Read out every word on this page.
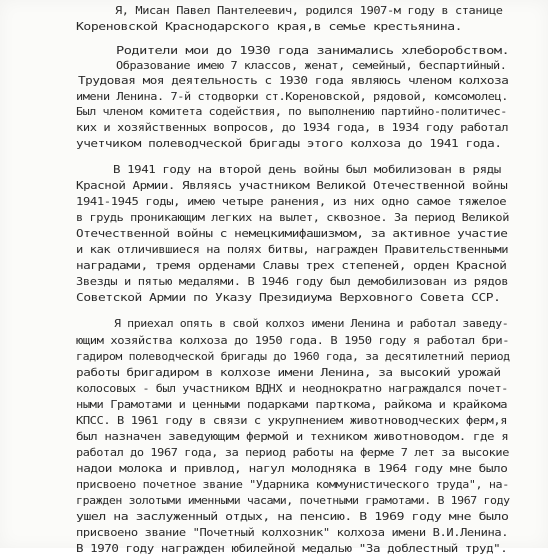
Я, Мисан Павел Пантелеевич, родился 1907-м году в станице
Кореновской Краснодарского края,в семье крестьянина.
Родители мои до 1930 года занимались хлеборобством.
Образование имею 7 классов, женат, семейный, беспартийный.
Трудовая моя деятельность с 1930 года являюсь членом колхоза
имени Ленина. 7-й стодворки ст.Кореновской, рядовой, комсомолец.
Был членом комитета содействия, по выполнению партийно-политичес-
ких и хозяйственных вопросов, до 1934 года, в 1934 году работал
учетчиком полеводческой бригады этого колхоза до 1941 года.
В 1941 году на второй день войны был мобилизован в ряды
Красной Армии. Являясь участником Великой Отечественной войны
1941-1945 годы, имею четыре ранения, из них одно самое тяжелое
в грудь проникающим легких на вылет, сквозное. За период Великой
Отечественной войны с немецкимифашизмом, за активное участие
и как отличившиеся на полях битвы, награжден Правительственными
наградами, тремя орденами Славы трех степеней, орден Красной
Звезды и пятью медалями. В 1946 году был демобилизован из рядов
Советской Армии по Указу Президиума Верховного Совета ССР.
Я приехал опять в свой колхоз имени Ленина и работал заведу-
ющим хозяйства колхоза до 1950 года. В 1950 году я работал бри-
гадиром полеводческой бригады до 1960 года, за десятилетний период
работы бригадиром в колхозе имени Ленина, за высокий урожай
колосовых - был участником ВДНХ и неоднократно награждался почет-
ными Грамотами и ценными подарками парткома, райкома и крайкома
КПСС. В 1961 году в связи с укрупнением животноводческих ферм,я
был назначен заведующим фермой и техником животноводом. где я
работал до 1967 года, за период работы на ферме 7 лет за высокие
надои молока и привлод, нагул молодняка в 1964 году мне было
присвоено почетное звание "Ударника коммунистического труда", на-
гражден золотыми именными часами, почетными грамотами. В 1967 году
ушел на заслуженный отдых, на пенсию. В 1969 году мне было
присвоено звание "Почетный колхозник" колхоза имени В.И.Ленина.
В 1970 году награжден юбилейной медалью "За доблестный труд".
